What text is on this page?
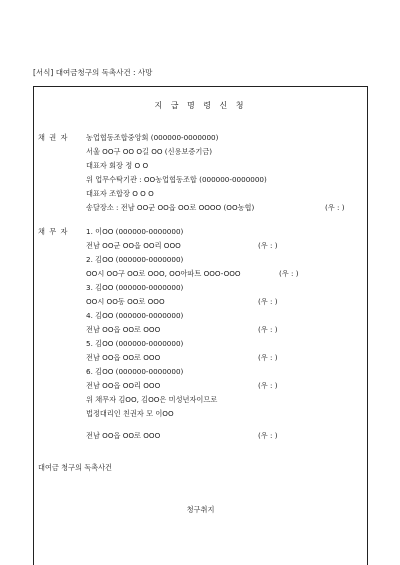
[서식] 대여금청구의 독촉사건 : 사망
지 급 명 령 신 청
채 권 자 농업협동조합중앙회 (000000-0000000)
서울 OO구 OO O길 OO (신용보증기금)
대표자 회장 정 O O
위 업무수탁기관 : OO농업협동조합 (000000-0000000)
대표자 조합장 O O O
송달장소 : 전남 OO군 OO읍 OO로 OOOO (OO농협)	(우 : )
채 무 자 1. 이OO (000000-0000000)
전남 OO군 OO읍 OO리 OOO	(우 : )
2. 김OO (000000-0000000)
OO시 OO구 OO로 OOO, OO아파트 OOO-OOO	(우 : )
3. 김OO (000000-0000000)
OO시 OO동 OO로 OOO	(우 : )
4. 김OO (000000-0000000)
전남 OO읍 OO로 OOO	(우 : )
5. 김OO (000000-0000000)
전남 OO읍 OO로 OOO	(우 : )
6. 김OO (000000-0000000)
전남 OO읍 OO리 OOO	(우 : )
위 채무자 김OO, 김OO은 미성년자이므로
법정대리인 친권자 모 이OO
전남 OO읍 OO로 OOO	(우 : )
대여금 청구의 독촉사건
청구취지
